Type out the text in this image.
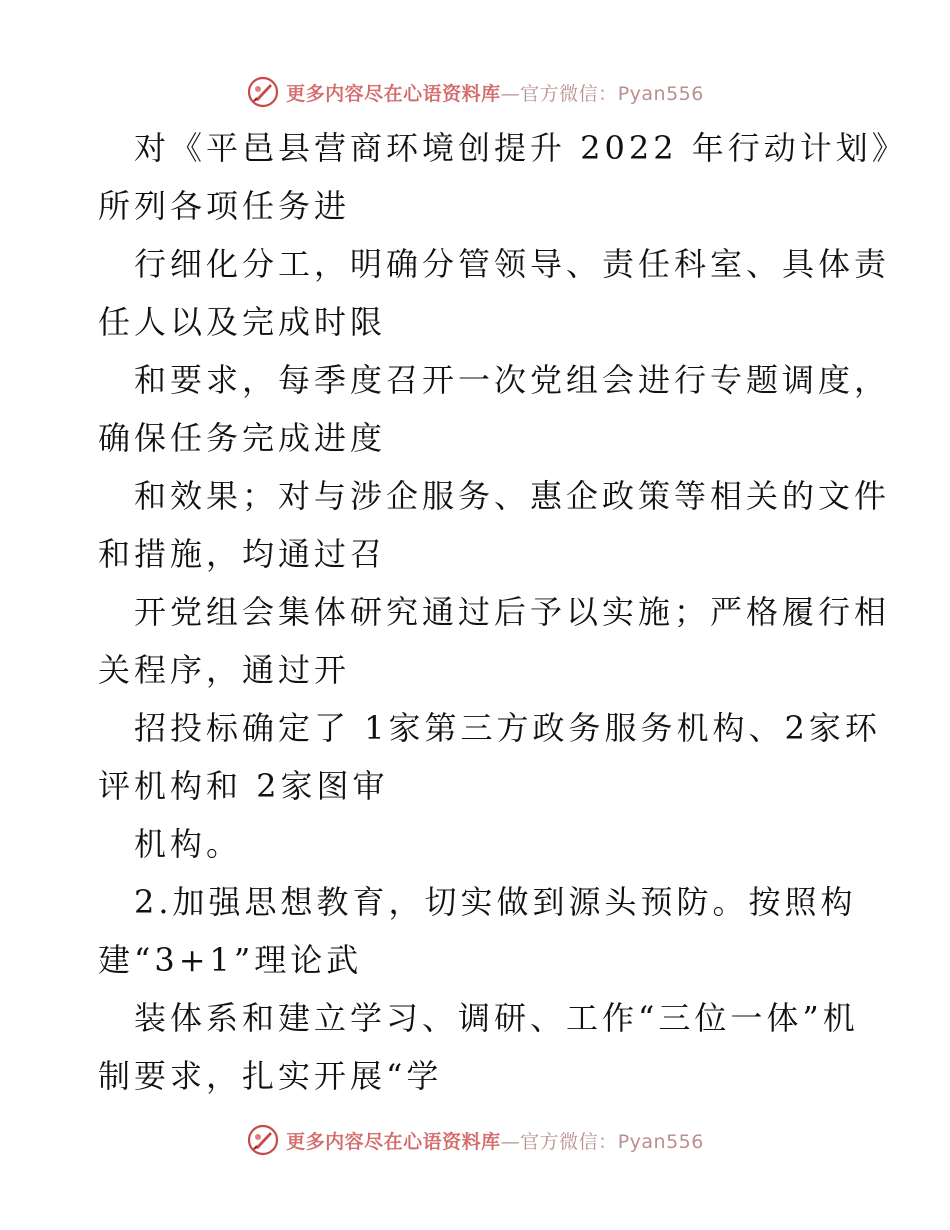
更多内容尽在心语资料库—官方微信：Pyan556
对《平邑县营商环境创提升 2022 年行动计划》
所列各项任务进
行细化分工，明确分管领导、责任科室、具体责
任人以及完成时限
和要求，每季度召开一次党组会进行专题调度，
确保任务完成进度
和效果；对与涉企服务、惠企政策等相关的文件
和措施，均通过召
开党组会集体研究通过后予以实施；严格履行相
关程序，通过开
招投标确定了 1家第三方政务服务机构、2家环
评机构和 2家图审
机构。
2.加强思想教育，切实做到源头预防。按照构
建“3+1”理论武
装体系和建立学习、调研、工作“三位一体”机
制要求，扎实开展“学
更多内容尽在心语资料库—官方微信：Pyan556
